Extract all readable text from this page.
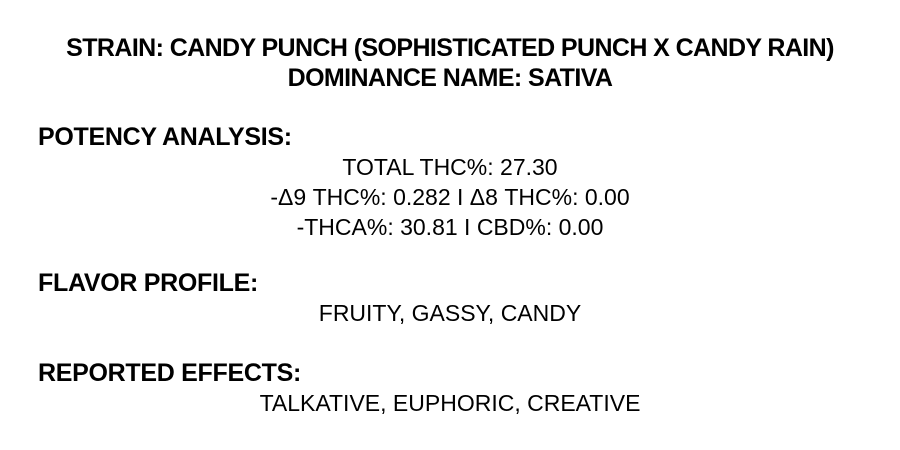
STRAIN: CANDY PUNCH (SOPHISTICATED PUNCH X CANDY RAIN)
DOMINANCE NAME: SATIVA
POTENCY ANALYSIS:
TOTAL THC%: 27.30
-Δ9 THC%: 0.282 I Δ8 THC%: 0.00
-THCA%: 30.81 I CBD%: 0.00
FLAVOR PROFILE:
FRUITY, GASSY, CANDY
REPORTED EFFECTS:
TALKATIVE, EUPHORIC, CREATIVE
